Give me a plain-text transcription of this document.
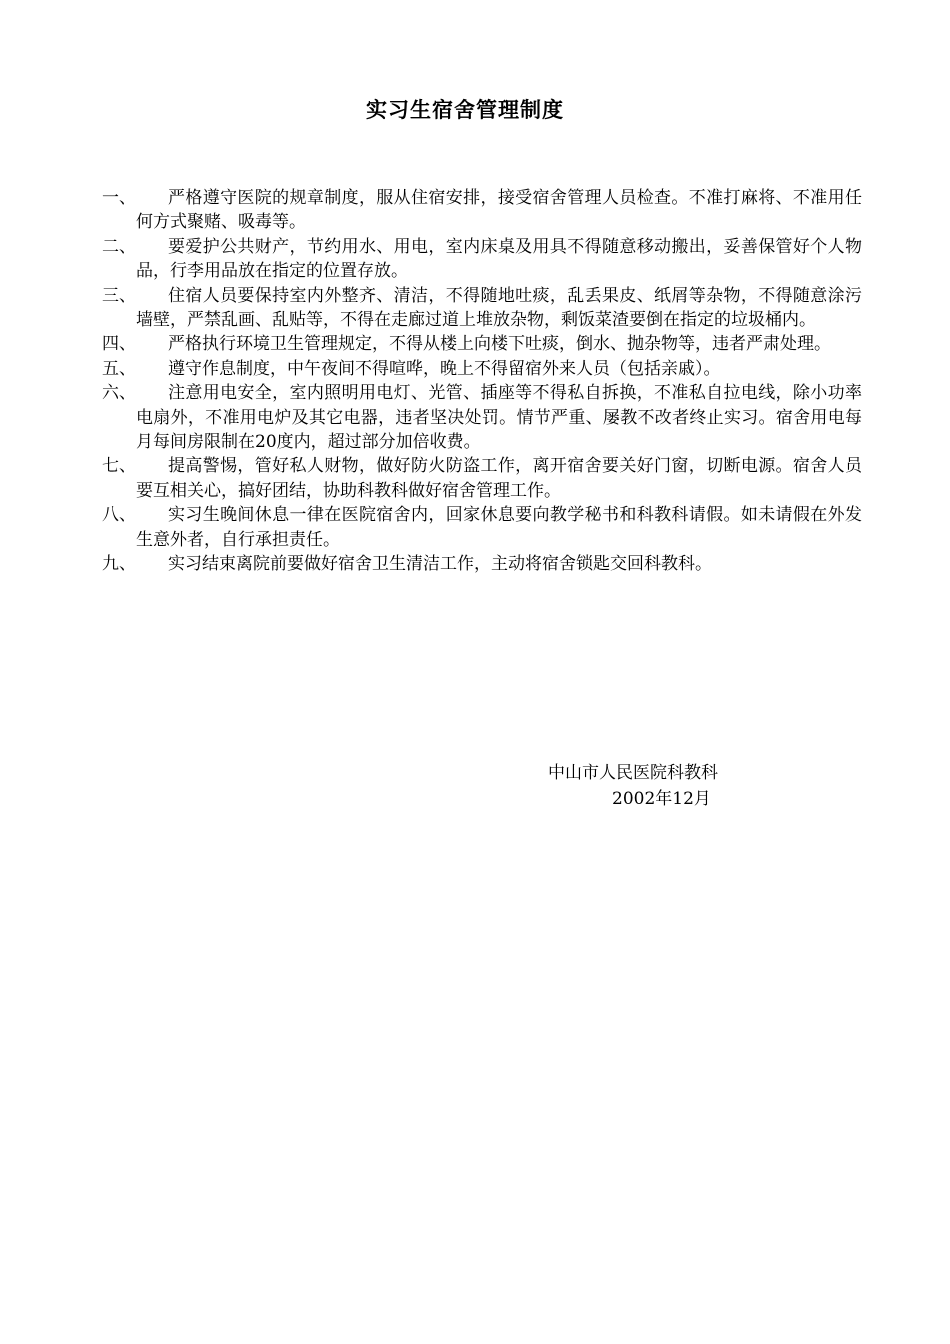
实习生宿舍管理制度
一、	严格遵守医院的规章制度，服从住宿安排，接受宿舍管理人员检查。不准打麻将、不准用任何方式聚赌、吸毒等。
二、	要爱护公共财产，节约用水、用电，室内床桌及用具不得随意移动搬出，妥善保管好个人物品，行李用品放在指定的位置存放。
三、	住宿人员要保持室内外整齐、清洁，不得随地吐痰，乱丢果皮、纸屑等杂物，不得随意涂污墙壁，严禁乱画、乱贴等，不得在走廊过道上堆放杂物，剩饭菜渣要倒在指定的垃圾桶内。
四、	严格执行环境卫生管理规定，不得从楼上向楼下吐痰，倒水、抛杂物等，违者严肃处理。
五、	遵守作息制度，中午夜间不得喧哗，晚上不得留宿外来人员（包括亲戚）。
六、	注意用电安全，室内照明用电灯、光管、插座等不得私自拆换，不准私自拉电线，除小功率电扇外，不准用电炉及其它电器，违者坚决处罚。情节严重、屡教不改者终止实习。宿舍用电每月每间房限制在20度内，超过部分加倍收费。
七、	提高警惕，管好私人财物，做好防火防盗工作，离开宿舍要关好门窗，切断电源。宿舍人员要互相关心，搞好团结，协助科教科做好宿舍管理工作。
八、	实习生晚间休息一律在医院宿舍内，回家休息要向教学秘书和科教科请假。如未请假在外发生意外者，自行承担责任。
九、	实习结束离院前要做好宿舍卫生清洁工作，主动将宿舍锁匙交回科教科。
中山市人民医院科教科
2002年12月
